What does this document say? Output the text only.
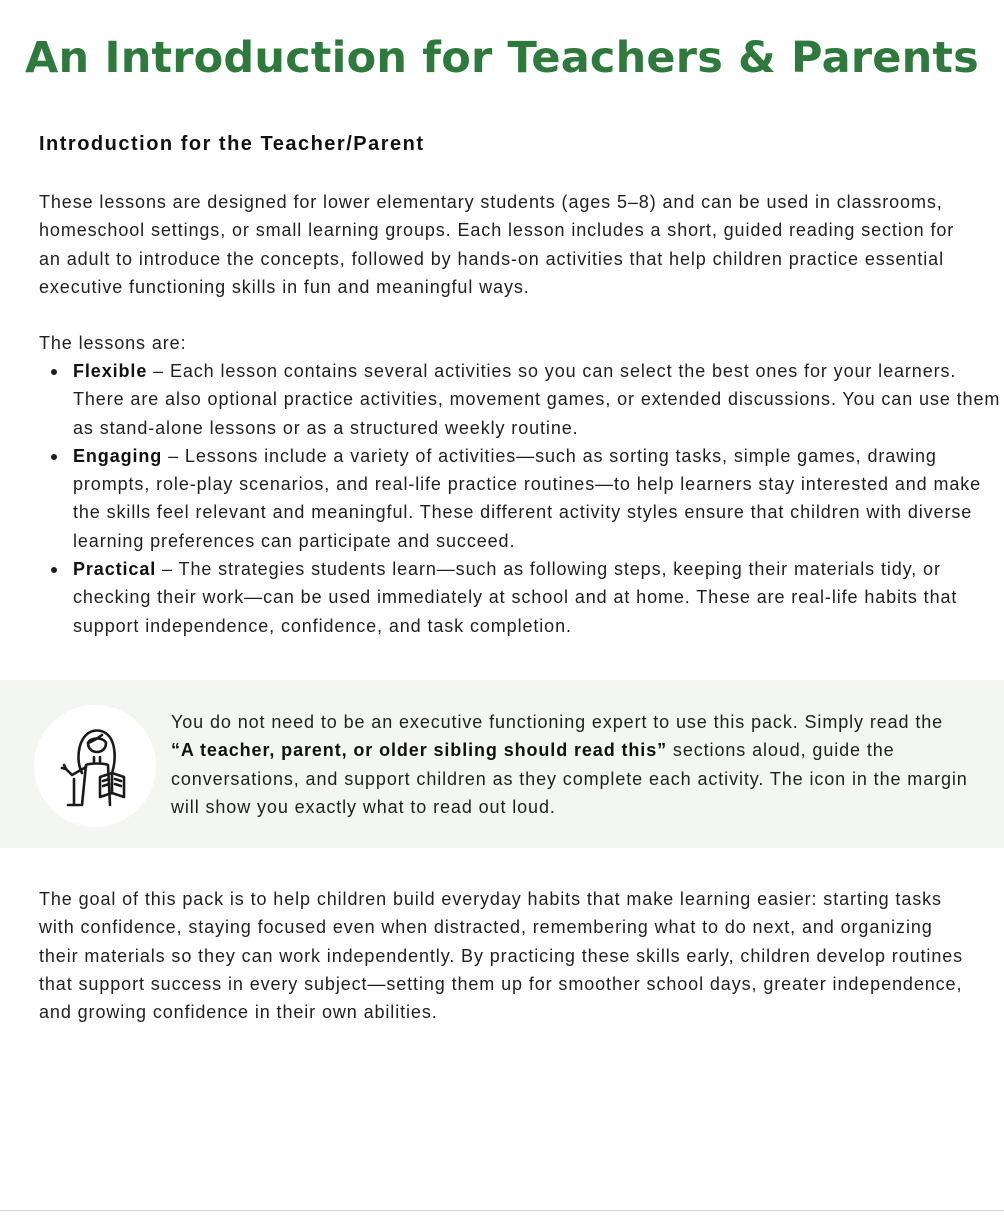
An Introduction for Teachers & Parents
Introduction for the Teacher/Parent

These lessons are designed for lower elementary students (ages 5–8) and can be used in classrooms, homeschool settings, or small learning groups. Each lesson includes a short, guided reading section for an adult to introduce the concepts, followed by hands-on activities that help children practice essential executive functioning skills in fun and meaningful ways.

The lessons are:

Flexible – Each lesson contains several activities so you can select the best ones for your learners. There are also optional practice activities, movement games, or extended discussions. You can use them as stand-alone lessons or as a structured weekly routine.
Engaging – Lessons include a variety of activities—such as sorting tasks, simple games, drawing prompts, role-play scenarios, and real-life practice routines—to help learners stay interested and make the skills feel relevant and meaningful. These different activity styles ensure that children with diverse learning preferences can participate and succeed.
Practical – The strategies students learn—such as following steps, keeping their materials tidy, or checking their work—can be used immediately at school and at home. These are real-life habits that support independence, confidence, and task completion.

You do not need to be an executive functioning expert to use this pack. Simply read the “A teacher, parent, or older sibling should read this” sections aloud, guide the conversations, and support children as they complete each activity. The icon in the margin will show you exactly what to read out loud.

The goal of this pack is to help children build everyday habits that make learning easier: starting tasks with confidence, staying focused even when distracted, remembering what to do next, and organizing their materials so they can work independently. By practicing these skills early, children develop routines that support success in every subject—setting them up for smoother school days, greater independence, and growing confidence in their own abilities.
